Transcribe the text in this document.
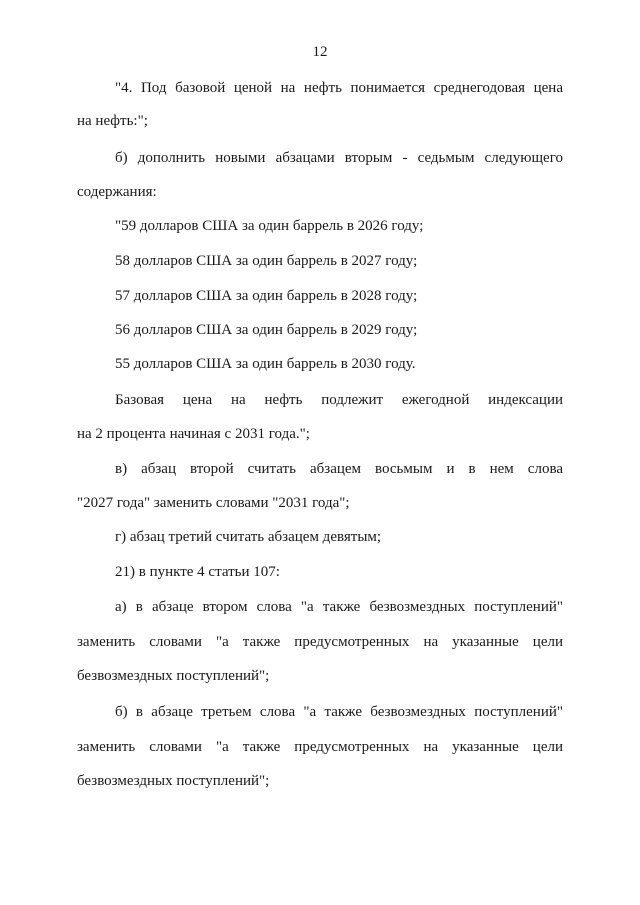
12
"4. Под базовой ценой на нефть понимается среднегодовая цена
на нефть:";
б) дополнить новыми абзацами вторым - седьмым следующего
содержания:
"59 долларов США за один баррель в 2026 году;
58 долларов США за один баррель в 2027 году;
57 долларов США за один баррель в 2028 году;
56 долларов США за один баррель в 2029 году;
55 долларов США за один баррель в 2030 году.
Базовая цена на нефть подлежит ежегодной индексации
на 2 процента начиная с 2031 года.";
в) абзац второй считать абзацем восьмым и в нем слова
"2027 года" заменить словами "2031 года";
г) абзац третий считать абзацем девятым;
21) в пункте 4 статьи 107:
а) в абзаце втором слова "а также безвозмездных поступлений"
заменить словами "а также предусмотренных на указанные цели
безвозмездных поступлений";
б) в абзаце третьем слова "а также безвозмездных поступлений"
заменить словами "а также предусмотренных на указанные цели
безвозмездных поступлений";
